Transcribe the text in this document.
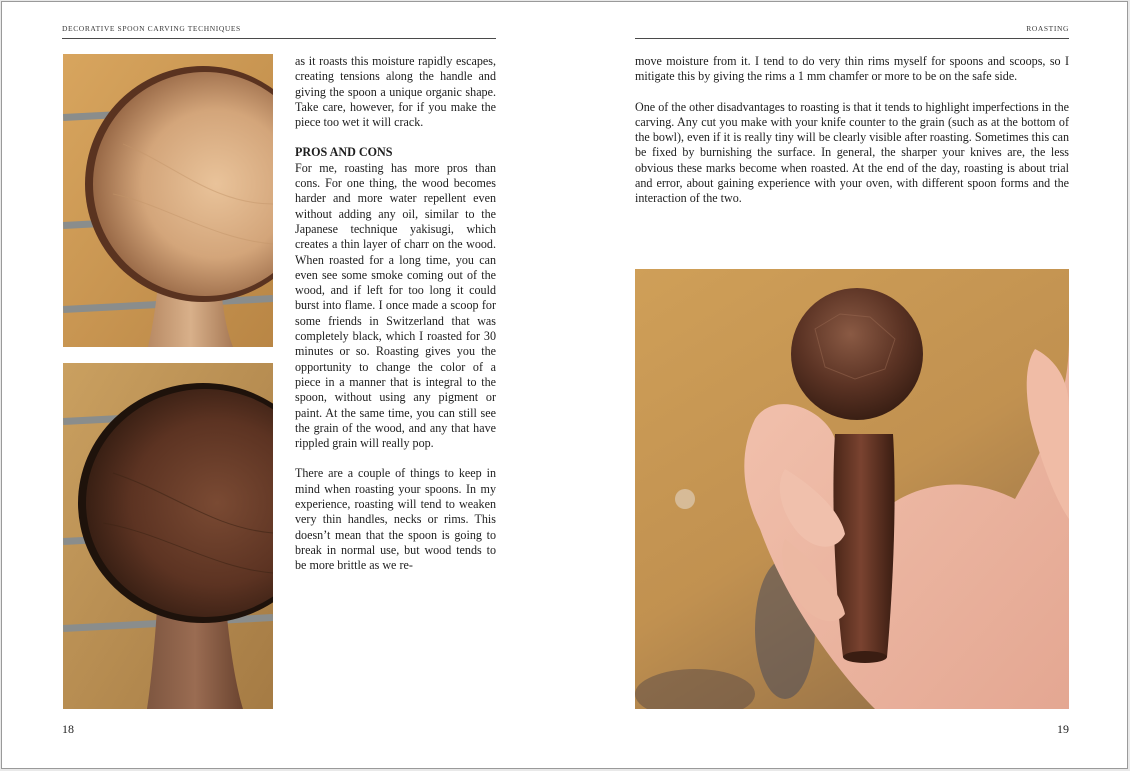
DECORATIVE SPOON CARVING TECHNIQUES

as it roasts this moisture rapidly escapes, creating tensions along the handle and giving the spoon a unique organic shape. Take care, however, for if you make the piece too wet it will crack.

PROS AND CONS

For me, roasting has more pros than cons. For one thing, the wood becomes harder and more water repellent even without adding any oil, similar to the Japanese technique yakisugi, which creates a thin layer of charr on the wood. When roasted for a long time, you can even see some smoke coming out of the wood, and if left for too long it could burst into flame. I once made a scoop for some friends in Switzerland that was completely black, which I roasted for 30 minutes or so. Roasting gives you the opportunity to change the color of a piece in a manner that is integral to the spoon, without using any pigment or paint. At the same time, you can still see the grain of the wood, and any that have rippled grain will really pop.

There are a couple of things to keep in mind when roasting your spoons. In my experience, roasting will tend to weaken very thin handles, necks or rims. This doesn’t mean that the spoon is going to break in normal use, but wood tends to be more brittle as we re-

18
ROASTING

move moisture from it. I tend to do very thin rims myself for spoons and scoops, so I mitigate this by giving the rims a 1 mm chamfer or more to be on the safe side.

One of the other disadvantages to roasting is that it tends to highlight imperfections in the carving. Any cut you make with your knife counter to the grain (such as at the bottom of the bowl), even if it is really tiny will be clearly visible after roasting. Sometimes this can be fixed by burnishing the surface. In general, the sharper your knives are, the less obvious these marks become when roasted. At the end of the day, roasting is about trial and error, about gaining experience with your oven, with different spoon forms and the interaction of the two.

19
